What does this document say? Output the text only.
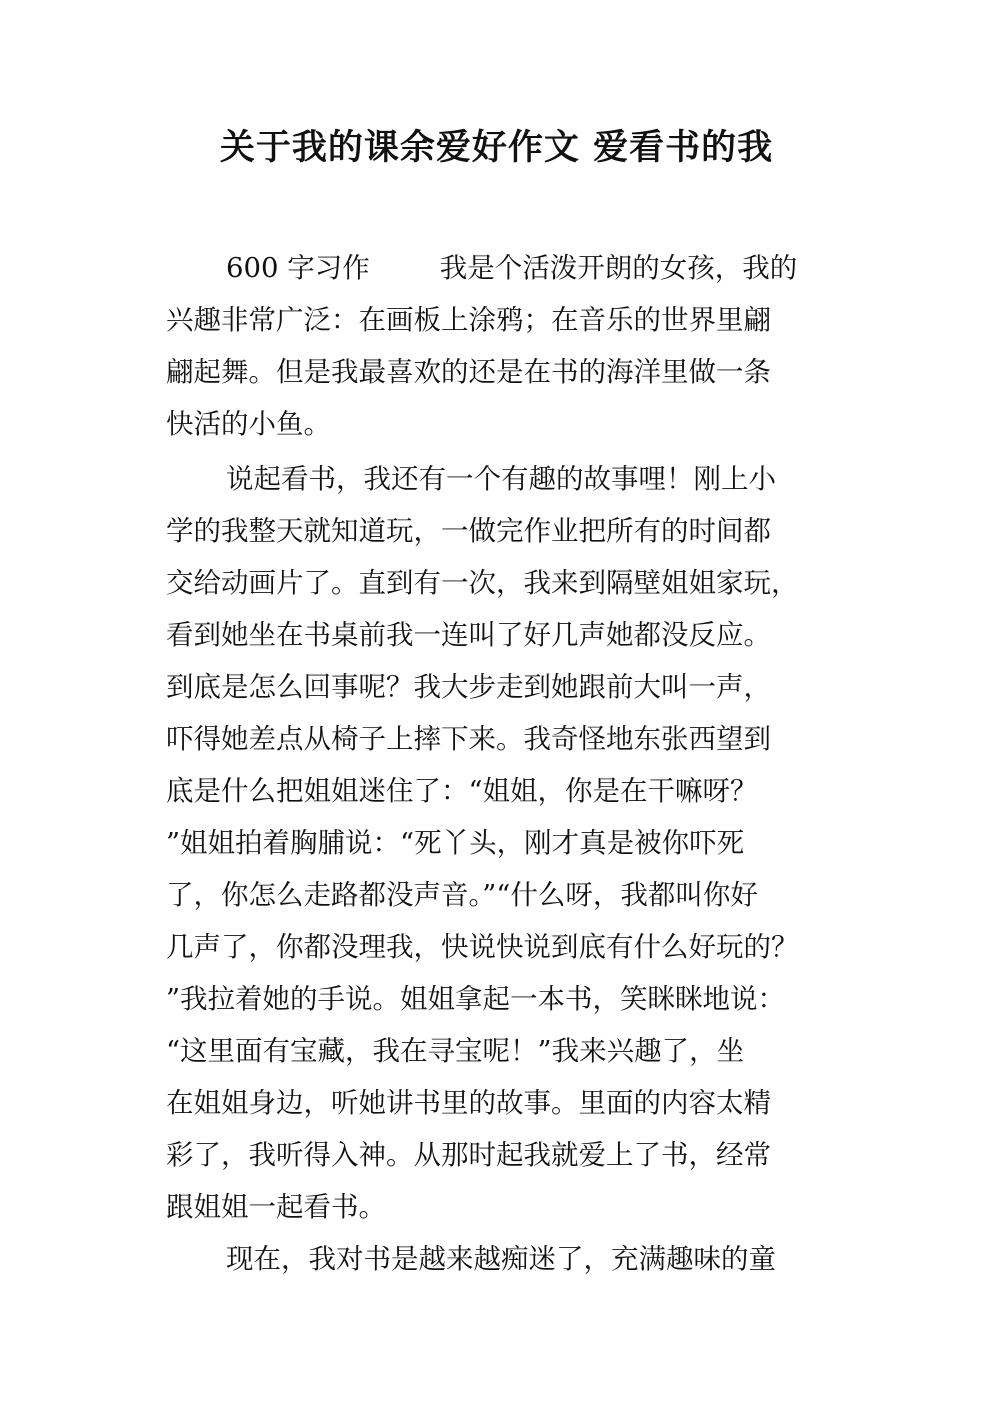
关于我的课余爱好作文 爱看书的我
600 字习作	我是个活泼开朗的女孩，我的
兴趣非常广泛：在画板上涂鸦；在音乐的世界里翩
翩起舞。但是我最喜欢的还是在书的海洋里做一条
快活的小鱼。
说起看书，我还有一个有趣的故事哩！刚上小
学的我整天就知道玩，一做完作业把所有的时间都
交给动画片了。直到有一次，我来到隔壁姐姐家玩，
看到她坐在书桌前我一连叫了好几声她都没反应。
到底是怎么回事呢？我大步走到她跟前大叫一声，
吓得她差点从椅子上摔下来。我奇怪地东张西望到
底是什么把姐姐迷住了：“姐姐，你是在干嘛呀？
”姐姐拍着胸脯说：“死丫头，刚才真是被你吓死
了，你怎么走路都没声音。”“什么呀，我都叫你好
几声了，你都没理我，快说快说到底有什么好玩的？
”我拉着她的手说。姐姐拿起一本书，笑眯眯地说：
“这里面有宝藏，我在寻宝呢！”我来兴趣了，坐
在姐姐身边，听她讲书里的故事。里面的内容太精
彩了，我听得入神。从那时起我就爱上了书，经常
跟姐姐一起看书。
现在，我对书是越来越痴迷了，充满趣味的童
